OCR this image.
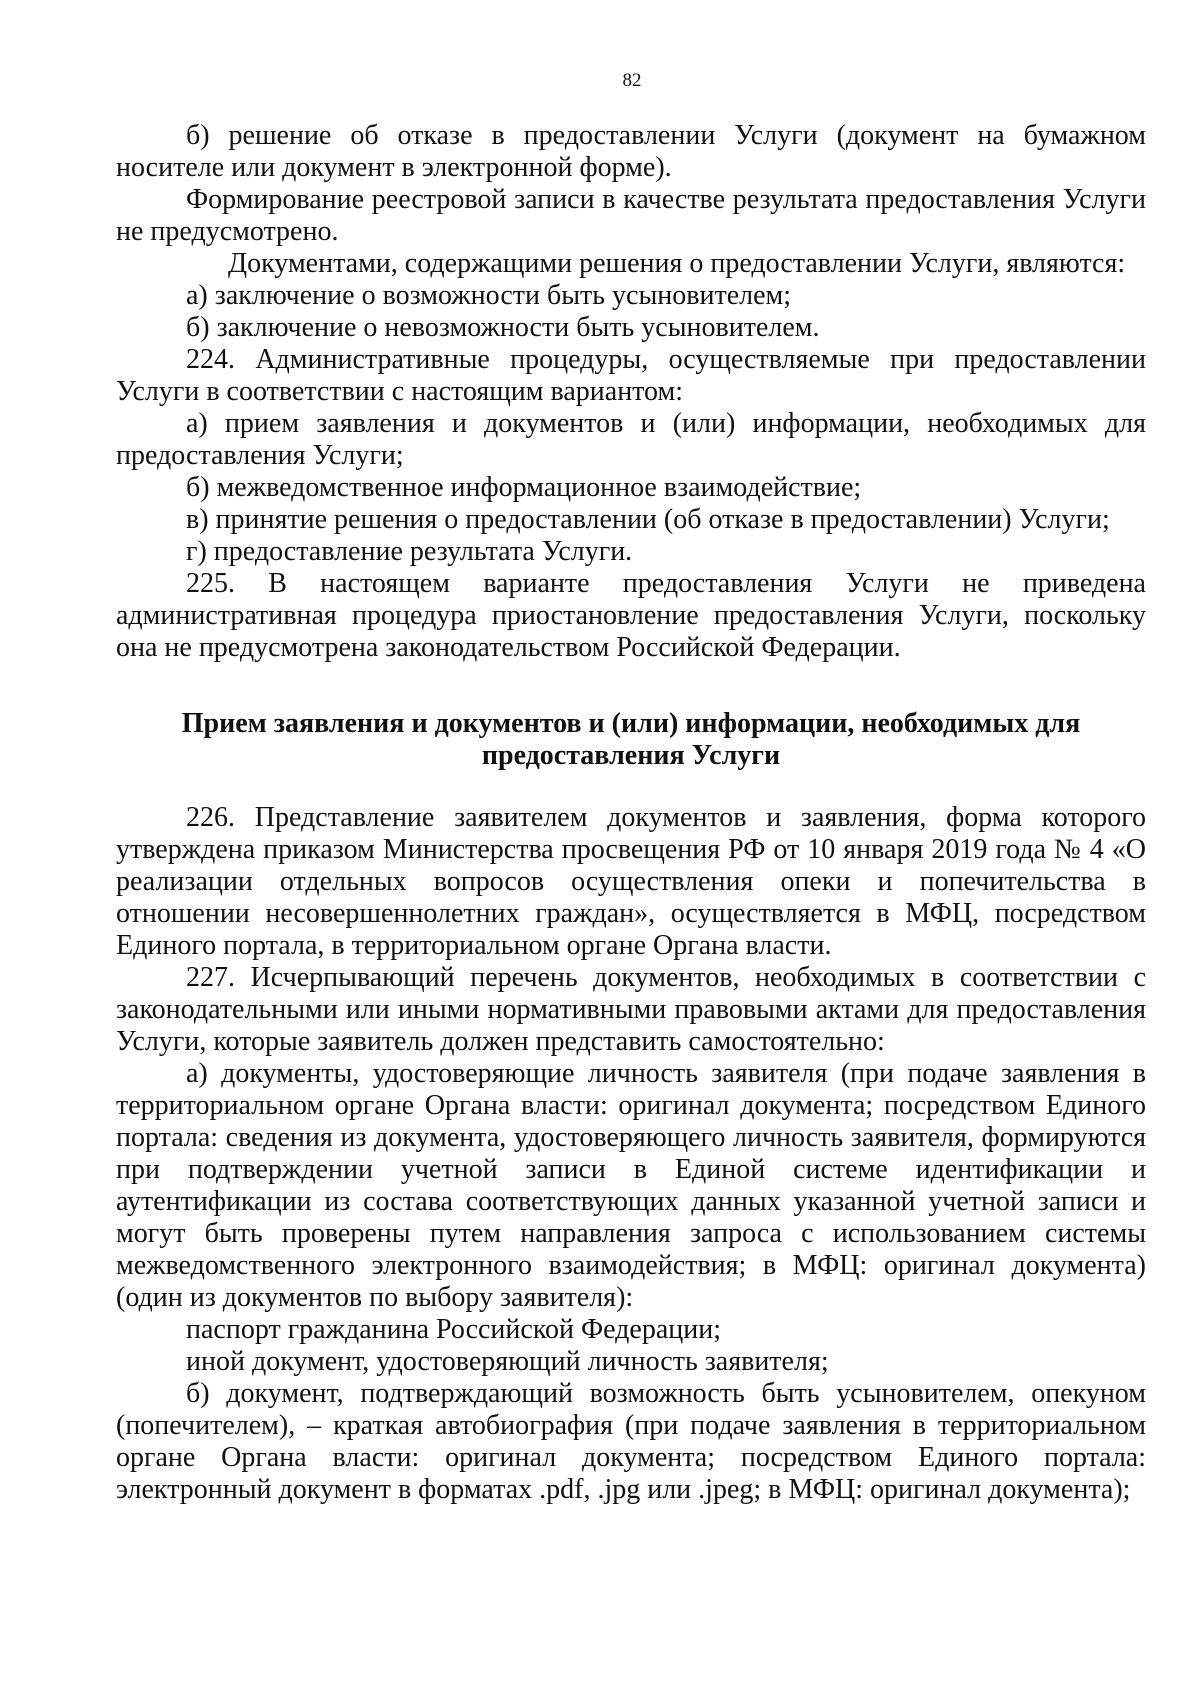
82

б) решение об отказе в предоставлении Услуги (документ на бумажном носителе или документ в электронной форме).

Формирование реестровой записи в качестве результата предоставления Услуги не предусмотрено.

Документами, содержащими решения о предоставлении Услуги, являются:

а) заключение о возможности быть усыновителем;

б) заключение о невозможности быть усыновителем.

224. Административные процедуры, осуществляемые при предоставлении Услуги в соответствии с настоящим вариантом:

а) прием заявления и документов и (или) информации, необходимых для предоставления Услуги;

б) межведомственное информационное взаимодействие;

в) принятие решения о предоставлении (об отказе в предоставлении) Услуги;

г) предоставление результата Услуги.

225. В настоящем варианте предоставления Услуги не приведена административная процедура приостановление предоставления Услуги, поскольку она не предусмотрена законодательством Российской Федерации.

Прием заявления и документов и (или) информации, необходимых для предоставления Услуги

226. Представление заявителем документов и заявления, форма которого утверждена приказом Министерства просвещения РФ от 10 января 2019 года № 4 «О реализации отдельных вопросов осуществления опеки и попечительства в отношении несовершеннолетних граждан», осуществляется в МФЦ, посредством Единого портала, в территориальном органе Органа власти.

227. Исчерпывающий перечень документов, необходимых в соответствии с законодательными или иными нормативными правовыми актами для предоставления Услуги, которые заявитель должен представить самостоятельно:

а) документы, удостоверяющие личность заявителя (при подаче заявления в территориальном органе Органа власти: оригинал документа; посредством Единого портала: сведения из документа, удостоверяющего личность заявителя, формируются при подтверждении учетной записи в Единой системе идентификации и аутентификации из состава соответствующих данных указанной учетной записи и могут быть проверены путем направления запроса с использованием системы межведомственного электронного взаимодействия; в МФЦ: оригинал документа) (один из документов по выбору заявителя):

паспорт гражданина Российской Федерации;

иной документ, удостоверяющий личность заявителя;

б) документ, подтверждающий возможность быть усыновителем, опекуном (попечителем), – краткая автобиография (при подаче заявления в территориальном органе Органа власти: оригинал документа; посредством Единого портала: электронный документ в форматах .pdf, .jpg или .jpeg; в МФЦ: оригинал документа);
